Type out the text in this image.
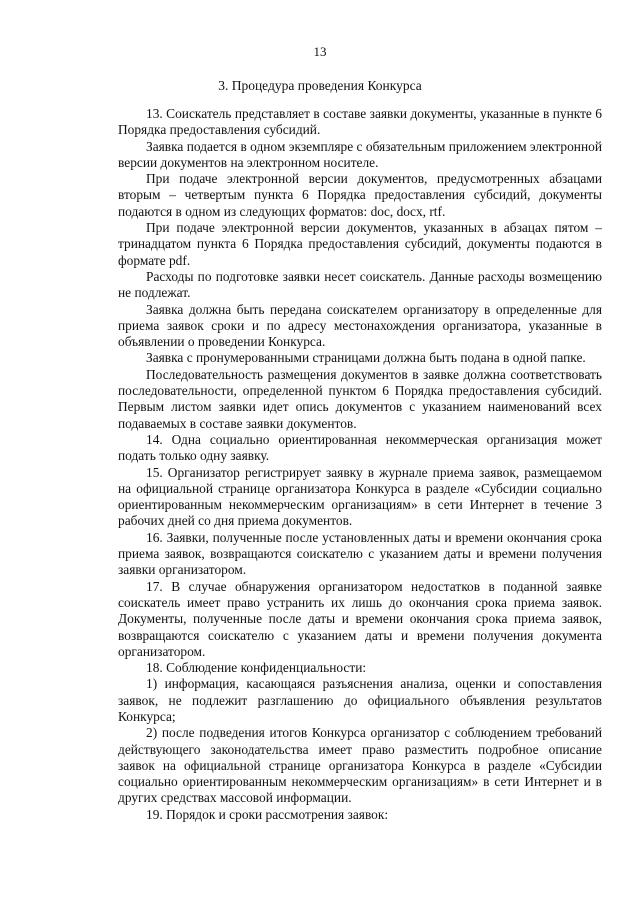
13
3. Процедура проведения Конкурса

13. Соискатель представляет в составе заявки документы, указанные в пункте 6 Порядка предоставления субсидий.

Заявка подается в одном экземпляре с обязательным приложением электронной версии документов на электронном носителе.

При подаче электронной версии документов, предусмотренных абзацами вторым – четвертым пункта 6 Порядка предоставления субсидий, документы подаются в одном из следующих форматов: doc, docx, rtf.

При подаче электронной версии документов, указанных в абзацах пятом – тринадцатом пункта 6 Порядка предоставления субсидий, документы подаются в формате pdf.

Расходы по подготовке заявки несет соискатель. Данные расходы возмещению не подлежат.

Заявка должна быть передана соискателем организатору в определенные для приема заявок сроки и по адресу местонахождения организатора, указанные в объявлении о проведении Конкурса.

Заявка с пронумерованными страницами должна быть подана в одной папке.

Последовательность размещения документов в заявке должна соответствовать последовательности, определенной пунктом 6 Порядка предоставления субсидий. Первым листом заявки идет опись документов с указанием наименований всех подаваемых в составе заявки документов.

14. Одна социально ориентированная некоммерческая организация может подать только одну заявку.

15. Организатор регистрирует заявку в журнале приема заявок, размещаемом на официальной странице организатора Конкурса в разделе «Субсидии социально ориентированным некоммерческим организациям» в сети Интернет в течение 3 рабочих дней со дня приема документов.

16. Заявки, полученные после установленных даты и времени окончания срока приема заявок, возвращаются соискателю с указанием даты и времени получения заявки организатором.

17. В случае обнаружения организатором недостатков в поданной заявке соискатель имеет право устранить их лишь до окончания срока приема заявок. Документы, полученные после даты и времени окончания срока приема заявок, возвращаются соискателю с указанием даты и времени получения документа организатором.

18. Соблюдение конфиденциальности:

1) информация, касающаяся разъяснения анализа, оценки и сопоставления заявок, не подлежит разглашению до официального объявления результатов Конкурса;

2) после подведения итогов Конкурса организатор с соблюдением требований действующего законодательства имеет право разместить подробное описание заявок на официальной странице организатора Конкурса в разделе «Субсидии социально ориентированным некоммерческим организациям» в сети Интернет и в других средствах массовой информации.

19. Порядок и сроки рассмотрения заявок:
